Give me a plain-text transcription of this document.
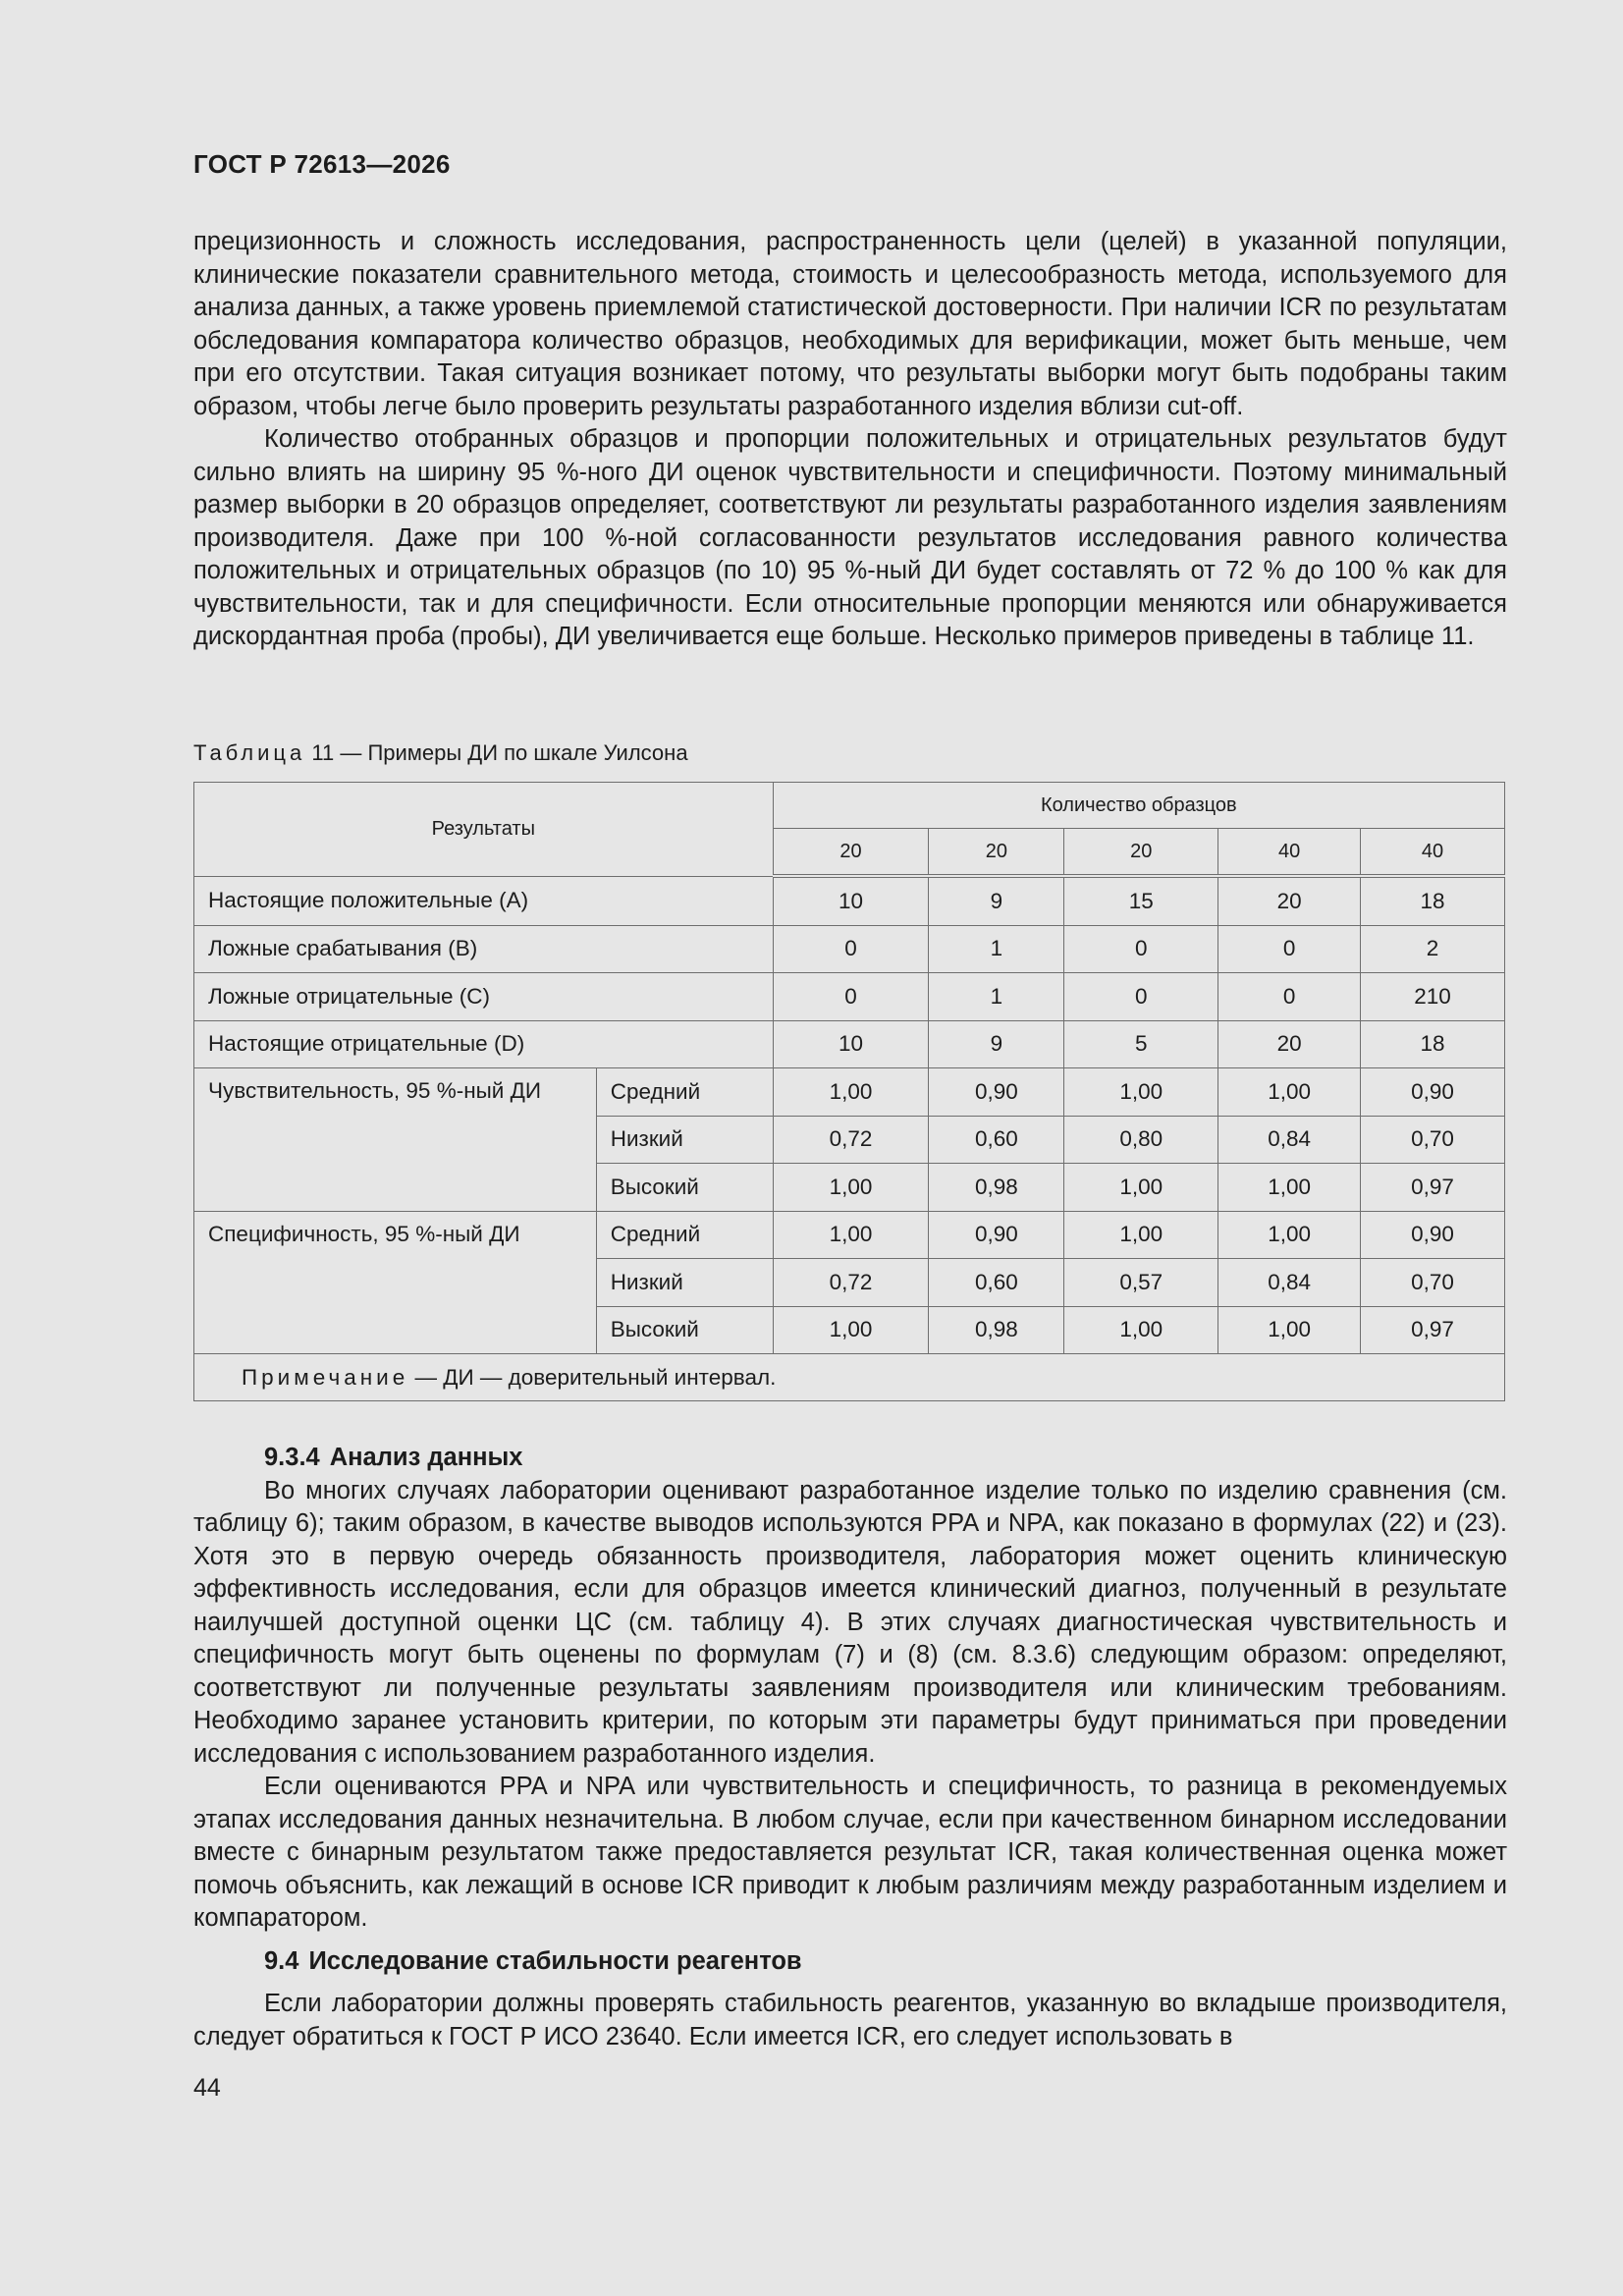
ГОСТ Р 72613—2026

прецизионность и сложность исследования, распространенность цели (целей) в указанной популяции, клинические показатели сравнительного метода, стоимость и целесообразность метода, используемого для анализа данных, а также уровень приемлемой статистической достоверности. При наличии ICR по результатам обследования компаратора количество образцов, необходимых для верификации, может быть меньше, чем при его отсутствии. Такая ситуация возникает потому, что результаты выборки могут быть подобраны таким образом, чтобы легче было проверить результаты разработанного изделия вблизи cut-off.

Количество отобранных образцов и пропорции положительных и отрицательных результатов будут сильно влиять на ширину 95 %-ного ДИ оценок чувствительности и специфичности. Поэтому минимальный размер выборки в 20 образцов определяет, соответствуют ли результаты разработанного изделия заявлениям производителя. Даже при 100 %-ной согласованности результатов исследования равного количества положительных и отрицательных образцов (по 10) 95 %-ный ДИ будет составлять от 72 % до 100 % как для чувствительности, так и для специфичности. Если относительные пропорции меняются или обнаруживается дискордантная проба (пробы), ДИ увеличивается еще больше. Несколько примеров приведены в таблице 11.

Таблица 11 — Примеры ДИ по шкале Уилсона
Результаты		Количество образцов				
		20	20	20	40	40
Настоящие положительные (А)		10	9	15	20	18
Ложные срабатывания (B)		0	1	0	0	2
Ложные отрицательные (C)		0	1	0	0	210
Настоящие отрицательные (D)		10	9	5	20	18
Чувствительность, 95 %-ный ДИ	Средний	1,00	0,90	1,00	1,00	0,90
	Низкий	0,72	0,60	0,80	0,84	0,70
	Высокий	1,00	0,98	1,00	1,00	0,97
Специфичность, 95 %-ный ДИ	Средний	1,00	0,90	1,00	1,00	0,90
	Низкий	0,72	0,60	0,57	0,84	0,70
	Высокий	1,00	0,98	1,00	1,00	0,97
Примечание — ДИ — доверительный интервал.						

9.3.4 Анализ данных

Во многих случаях лаборатории оценивают разработанное изделие только по изделию сравнения (см. таблицу 6); таким образом, в качестве выводов используются PPA и NPA, как показано в формулах (22) и (23). Хотя это в первую очередь обязанность производителя, лаборатория может оценить клиническую эффективность исследования, если для образцов имеется клинический диагноз, полученный в результате наилучшей доступной оценки ЦС (см. таблицу 4). В этих случаях диагностическая чувствительность и специфичность могут быть оценены по формулам (7) и (8) (см. 8.3.6) следующим образом: определяют, соответствуют ли полученные результаты заявлениям производителя или клиническим требованиям. Необходимо заранее установить критерии, по которым эти параметры будут приниматься при проведении исследования с использованием разработанного изделия.

Если оцениваются PPA и NPA или чувствительность и специфичность, то разница в рекомендуемых этапах исследования данных незначительна. В любом случае, если при качественном бинарном исследовании вместе с бинарным результатом также предоставляется результат ICR, такая количественная оценка может помочь объяснить, как лежащий в основе ICR приводит к любым различиям между разработанным изделием и компаратором.

9.4 Исследование стабильности реагентов

Если лаборатории должны проверять стабильность реагентов, указанную во вкладыше производителя, следует обратиться к ГОСТ Р ИСО 23640. Если имеется ICR, его следует использовать в

44
